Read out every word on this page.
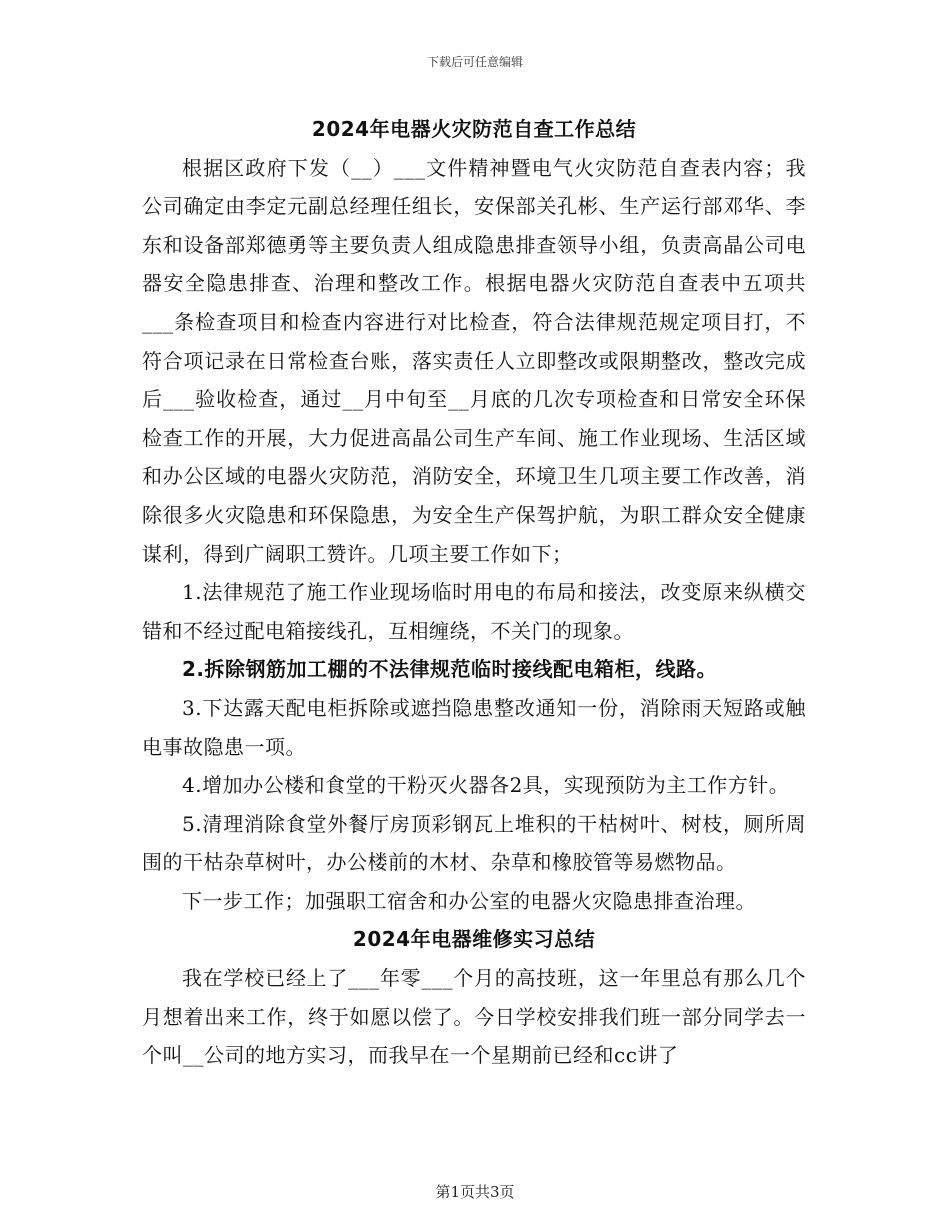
下载后可任意编辑

2024年电器火灾防范自查工作总结

根据区政府下发（__）___文件精神暨电气火灾防范自查表内容；我公司确定由李定元副总经理任组长，安保部关孔彬、生产运行部邓华、李东和设备部郑德勇等主要负责人组成隐患排查领导小组，负责高晶公司电器安全隐患排查、治理和整改工作。根据电器火灾防范自查表中五项共___条检查项目和检查内容进行对比检查，符合法律规范规定项目打，不符合项记录在日常检查台账，落实责任人立即整改或限期整改，整改完成后___验收检查，通过__月中旬至__月底的几次专项检查和日常安全环保检查工作的开展，大力促进高晶公司生产车间、施工作业现场、生活区域和办公区域的电器火灾防范，消防安全，环境卫生几项主要工作改善，消除很多火灾隐患和环保隐患，为安全生产保驾护航，为职工群众安全健康谋利，得到广阔职工赞许。几项主要工作如下；

1.法律规范了施工作业现场临时用电的布局和接法，改变原来纵横交错和不经过配电箱接线孔，互相缠绕，不关门的现象。

2.拆除钢筋加工棚的不法律规范临时接线配电箱柜，线路。

3.下达露天配电柜拆除或遮挡隐患整改通知一份，消除雨天短路或触电事故隐患一项。

4.增加办公楼和食堂的干粉灭火器各2具，实现预防为主工作方针。

5.清理消除食堂外餐厅房顶彩钢瓦上堆积的干枯树叶、树枝，厕所周围的干枯杂草树叶，办公楼前的木材、杂草和橡胶管等易燃物品。

下一步工作；加强职工宿舍和办公室的电器火灾隐患排查治理。

2024年电器维修实习总结

我在学校已经上了___年零___个月的高技班，这一年里总有那么几个月想着出来工作，终于如愿以偿了。今日学校安排我们班一部分同学去一个叫__公司的地方实习，而我早在一个星期前已经和cc讲了

第1页共3页
